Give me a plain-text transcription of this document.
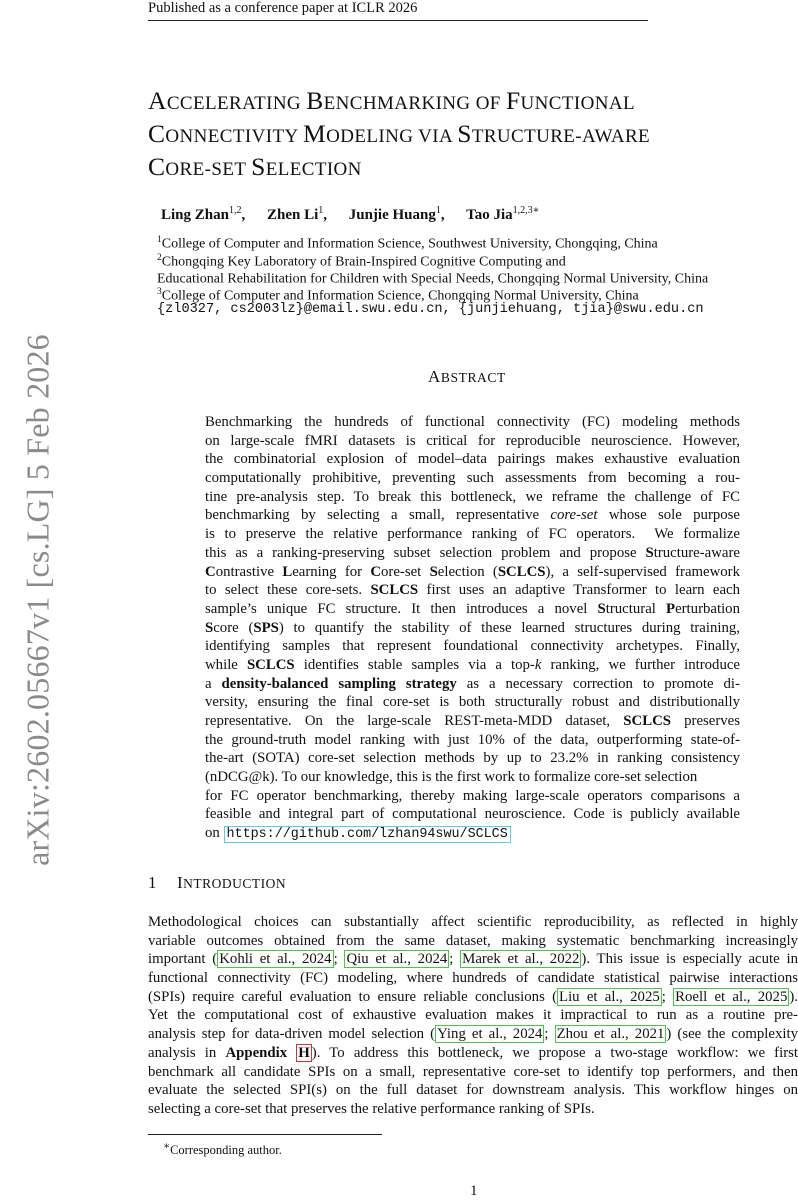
Published as a conference paper at ICLR 2026
ACCELERATING BENCHMARKING OF FUNCTIONAL
CONNECTIVITY MODELING VIA STRUCTURE-AWARE
CORE-SET SELECTION
Ling Zhan$^{1,2}$, Zhen Li$^1$, Junjie Huang$^1$, Tao Jia$^{1,2,3∗}$
$^1$College of Computer and Information Science, Southwest University, Chongqing, China
$^2$Chongqing Key Laboratory of Brain-Inspired Cognitive Computing and
Educational Rehabilitation for Children with Special Needs, Chongqing Normal University, China
$^3$College of Computer and Information Science, Chongqing Normal University, China
{zl0327, cs2003lz}@email.swu.edu.cn, {junjiehuang, tjia}@swu.edu.cn
arXiv:2602.05667v1 [cs.LG] 5 Feb 2026	ABSTRACT
Benchmarking the hundreds of functional connectivity (FC) modeling methods
on large-scale fMRI datasets is critical for reproducible neuroscience. However,
the combinatorial explosion of model–data pairings makes exhaustive evaluation
computationally prohibitive, preventing such assessments from becoming a rou-
tine pre-analysis step. To break this bottleneck, we reframe the challenge of FC
benchmarking by selecting a small, representative core-set whose sole purpose
is to preserve the relative performance ranking of FC operators.  We formalize
this as a ranking-preserving subset selection problem and propose Structure-aware
Contrastive Learning for Core-set Selection (SCLCS), a self-supervised framework
to select these core-sets. SCLCS first uses an adaptive Transformer to learn each
sample’s unique FC structure. It then introduces a novel Structural Perturbation
Score (SPS) to quantify the stability of these learned structures during training,
identifying samples that represent foundational connectivity archetypes. Finally,
while SCLCS identifies stable samples via a top-k ranking, we further introduce
a density-balanced sampling strategy as a necessary correction to promote di-
versity, ensuring the final core-set is both structurally robust and distributionally
representative. On the large-scale REST-meta-MDD dataset, SCLCS preserves
the ground-truth model ranking with just 10% of the data, outperforming state-of-
the-art (SOTA) core-set selection methods by up to 23.2% in ranking consistency
(nDCG@k). To our knowledge, this is the first work to formalize core-set selection
for FC operator benchmarking, thereby making large-scale operators comparisons a
feasible and integral part of computational neuroscience. Code is publicly available
on https://github.com/lzhan94swu/SCLCS
1 INTRODUCTION
Methodological choices can substantially affect scientific reproducibility, as reflected in highly
variable outcomes obtained from the same dataset, making systematic benchmarking increasingly
important ( Kohli et al., 2024 ; Qiu et al., 2024 ; Marek et al., 2022 ). This issue is especially acute in
functional connectivity (FC) modeling, where hundreds of candidate statistical pairwise interactions
(SPIs) require careful evaluation to ensure reliable conclusions ( Liu et al., 2025 ; Roell et al., 2025 ).
Yet the computational cost of exhaustive evaluation makes it impractical to run as a routine pre-
analysis step for data-driven model selection ( Ying et al., 2024 ; Zhou et al., 2021 ) (see the complexity
analysis in Appendix H ). To address this bottleneck, we propose a two-stage workflow: we first
benchmark all candidate SPIs on a small, representative core-set to identify top performers, and then
evaluate the selected SPI(s) on the full dataset for downstream analysis. This workflow hinges on
selecting a core-set that preserves the relative performance ranking of SPIs.
∗Corresponding author.
1
